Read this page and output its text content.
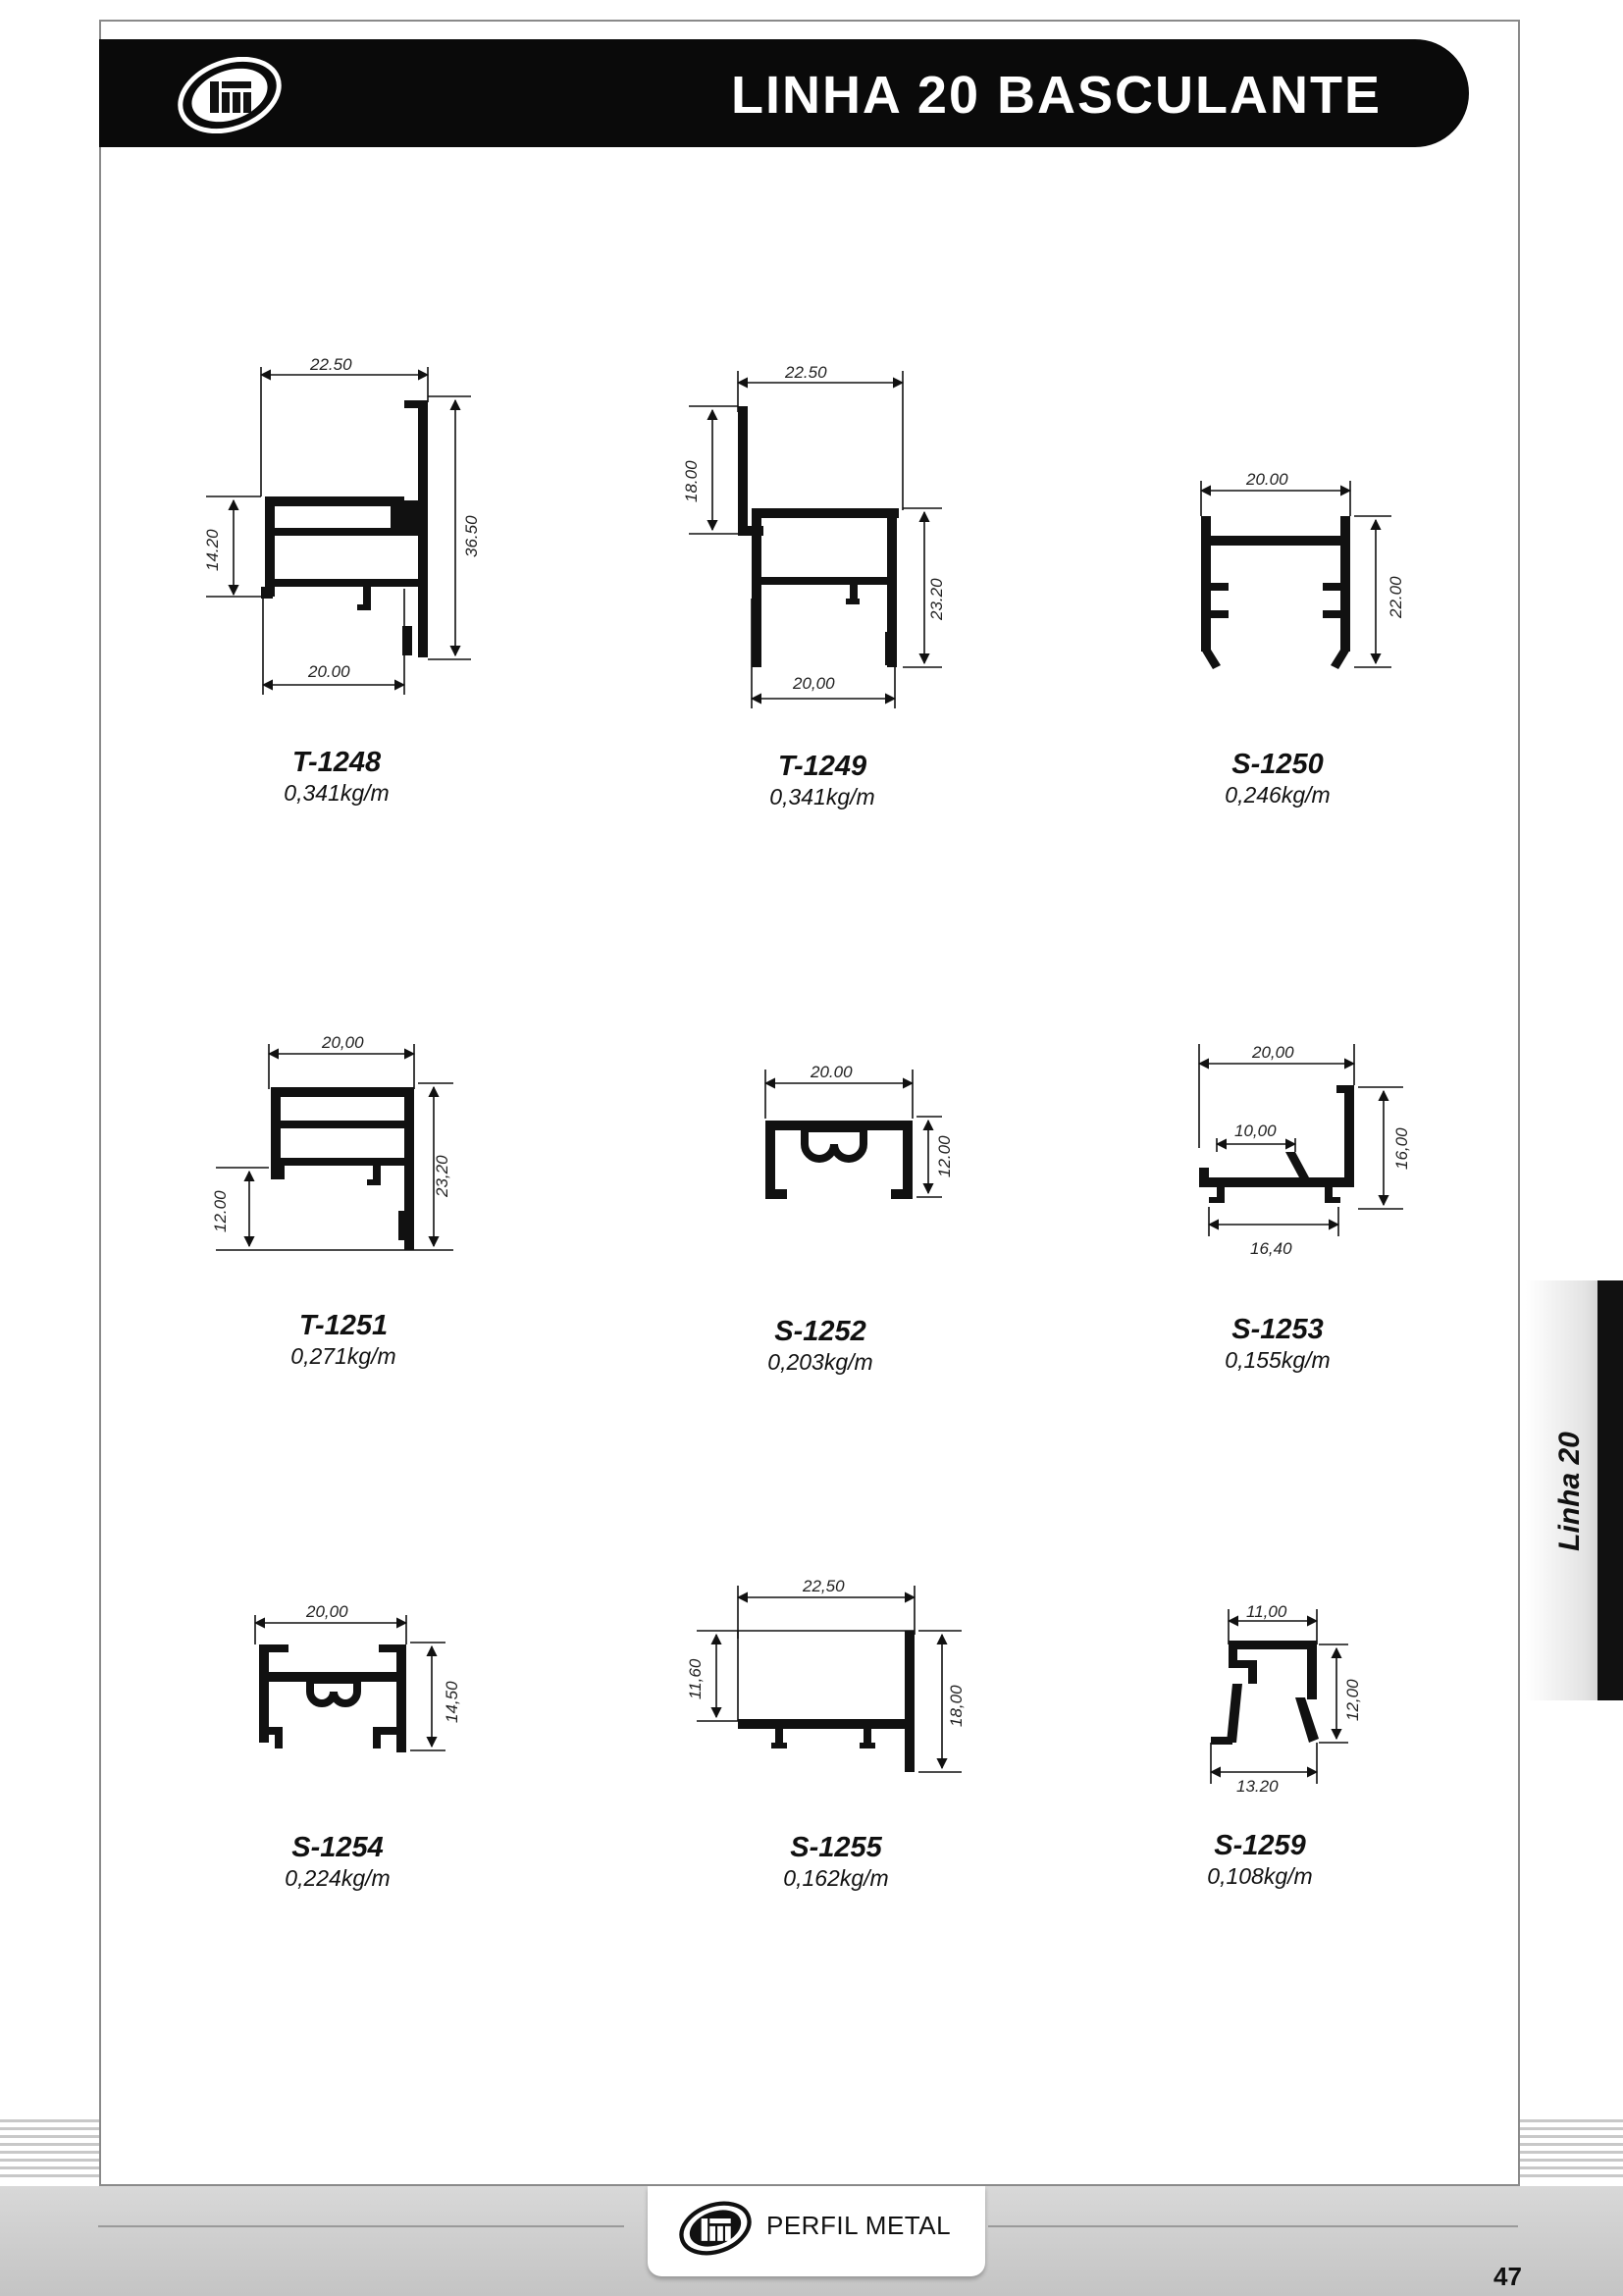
LINHA 20 BASCULANTE
Linha 20
PERFIL METAL
47
22.50
14.20	36.50
20.00
T-1248
0,341kg/m
22.50
18.00
23.20
20,00
T-1249
0,341kg/m
20.00
22.00
S-1250
0,246kg/m
20,00
23,20
12.00
T-1251
0,271kg/m
20.00
12.00
S-1252
0,203kg/m
20,00
10,00	16,00
16,40
S-1253
0,155kg/m
20,00
14,50
S-1254
0,224kg/m
22,50
11,60
18,00
S-1255
0,162kg/m
11,00
12,00
13.20
S-1259
0,108kg/m
